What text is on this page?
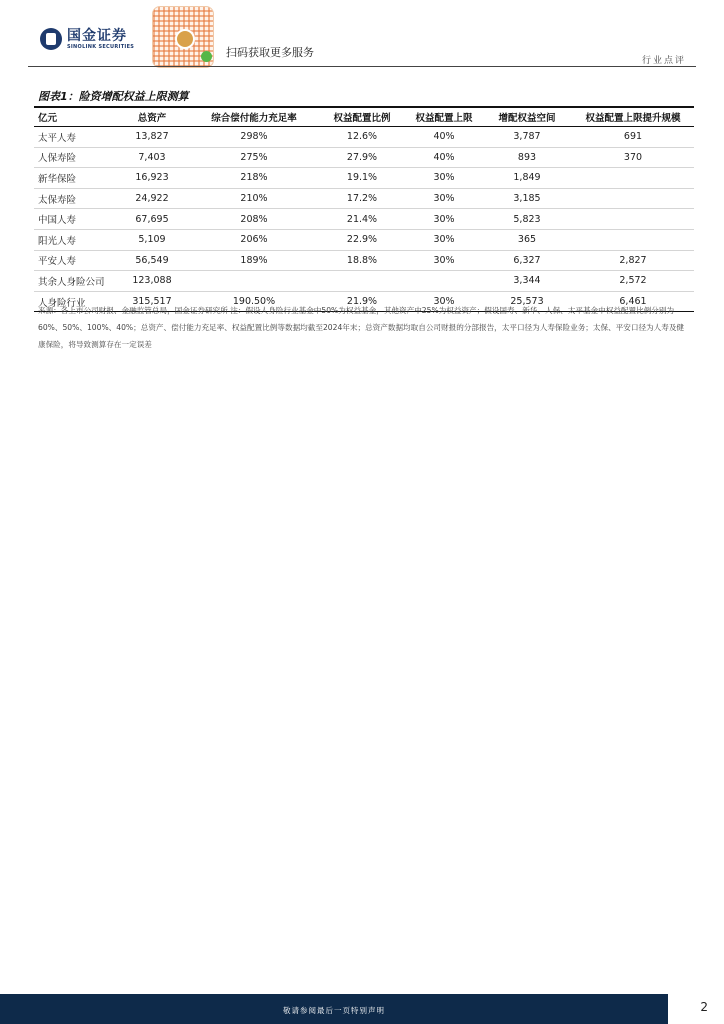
国金证券
SINOLINK SECURITIES	扫码获取更多服务
行业点评
图表1：险资增配权益上限测算
亿元	总资产	综合偿付能力充足率	权益配置比例	权益配置上限	增配权益空间	权益配置上限提升规模
太平人寿	13,827	298%	12.6%	40%	3,787	691
人保寿险	7,403	275%	27.9%	40%	893	370
新华保险	16,923	218%	19.1%	30%	1,849	
太保寿险	24,922	210%	17.2%	30%	3,185	
中国人寿	67,695	208%	21.4%	30%	5,823	
阳光人寿	5,109	206%	22.9%	30%	365	
平安人寿	56,549	189%	18.8%	30%	6,327	2,827
其余人身险公司	123,088				3,344	2,572
人身险行业	315,517	190.50%	21.9%	30%	25,573	6,461
来源：各上市公司财报、金融监管总局，国金证券研究所 注：假设人身险行业基金中50%为权益基金，其他资产中25%为权益资产；假设国寿、新华、人保、太平基金中权益配置比例分别为60%、50%、100%、40%；总资产、偿付能力充足率、权益配置比例等数据均截至2024年末；总资产数据均取自公司财报的分部报告，太平口径为人寿保险业务；太保、平安口径为人寿及健康保险，将导致测算存在一定误差
敬请参阅最后一页特别声明	2
